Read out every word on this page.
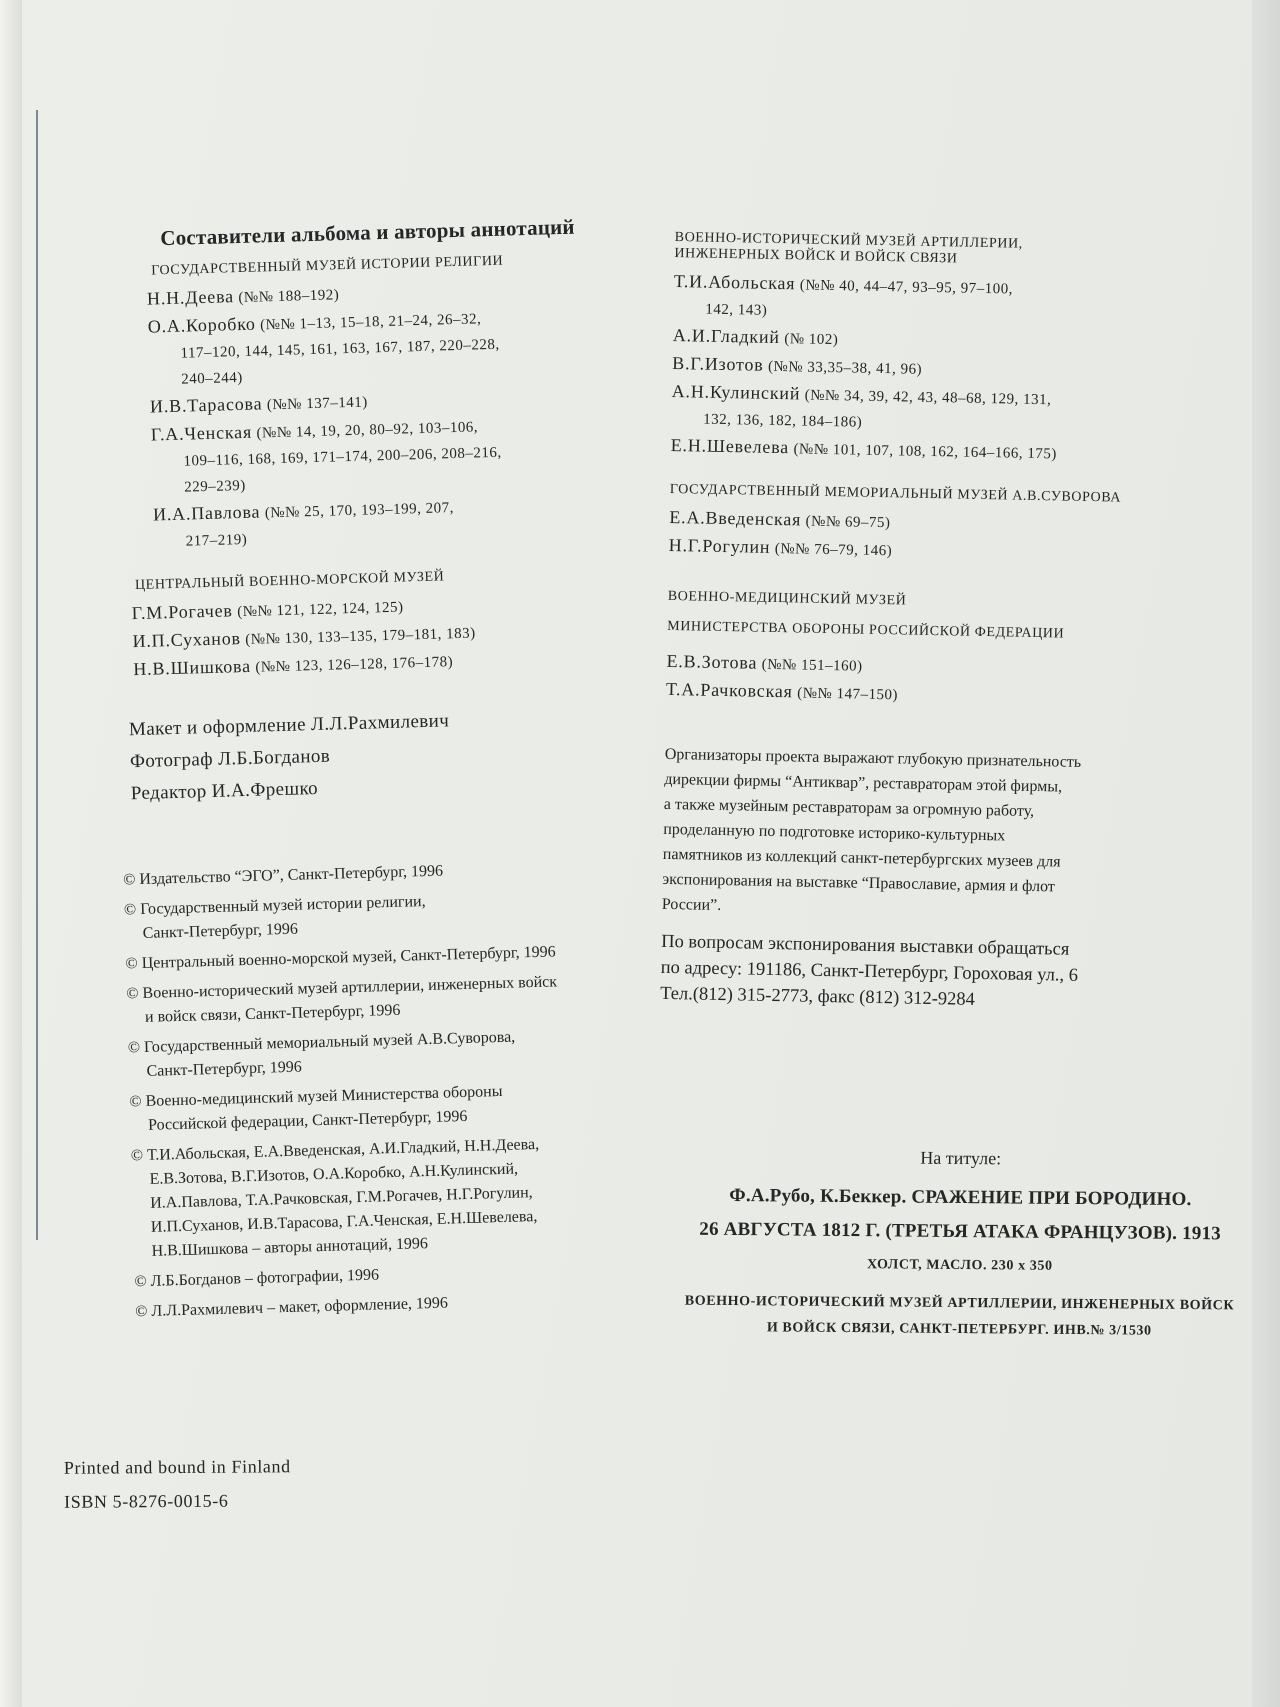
Составители альбома и авторы аннотаций
ГОСУДАРСТВЕННЫЙ МУЗЕЙ ИСТОРИИ РЕЛИГИИ
Н.Н.Деева (№№ 188–192)
О.А.Коробко (№№ 1–13, 15–18, 21–24, 26–32,
117–120, 144, 145, 161, 163, 167, 187, 220–228,
240–244)
И.В.Тарасова (№№ 137–141)
Г.А.Ченская (№№ 14, 19, 20, 80–92, 103–106,
109–116, 168, 169, 171–174, 200–206, 208–216,
229–239)
И.А.Павлова (№№ 25, 170, 193–199, 207,
217–219)
ЦЕНТРАЛЬНЫЙ ВОЕННО-МОРСКОЙ МУЗЕЙ
Г.М.Рогачев (№№ 121, 122, 124, 125)
И.П.Суханов (№№ 130, 133–135, 179–181, 183)
Н.В.Шишкова (№№ 123, 126–128, 176–178)
Макет и оформление Л.Л.Рахмилевич
Фотограф Л.Б.Богданов
Редактор И.А.Фрешко
© Издательство “ЭГО”, Санкт-Петербург, 1996
© Государственный музей истории религии,
Санкт-Петербург, 1996
© Центральный военно-морской музей, Санкт-Петербург, 1996
© Военно-исторический музей артиллерии, инженерных войск
и войск связи, Санкт-Петербург, 1996
© Государственный мемориальный музей А.В.Суворова,
Санкт-Петербург, 1996
© Военно-медицинский музей Министерства обороны
Российской федерации, Санкт-Петербург, 1996
© Т.И.Абольская, Е.А.Введенская, А.И.Гладкий, Н.Н.Деева,
Е.В.Зотова, В.Г.Изотов, О.А.Коробко, А.Н.Кулинский,
И.А.Павлова, Т.А.Рачковская, Г.М.Рогачев, Н.Г.Рогулин,
И.П.Суханов, И.В.Тарасова, Г.А.Ченская, Е.Н.Шевелева,
Н.В.Шишкова – авторы аннотаций, 1996
© Л.Б.Богданов – фотографии, 1996
© Л.Л.Рахмилевич – макет, оформление, 1996
ВОЕННО-ИСТОРИЧЕСКИЙ МУЗЕЙ АРТИЛЛЕРИИ,
ИНЖЕНЕРНЫХ ВОЙСК И ВОЙСК СВЯЗИ
Т.И.Абольская (№№ 40, 44–47, 93–95, 97–100,
142, 143)
А.И.Гладкий (№ 102)
В.Г.Изотов (№№ 33,35–38, 41, 96)
А.Н.Кулинский (№№ 34, 39, 42, 43, 48–68, 129, 131,
132, 136, 182, 184–186)
Е.Н.Шевелева (№№ 101, 107, 108, 162, 164–166, 175)
ГОСУДАРСТВЕННЫЙ МЕМОРИАЛЬНЫЙ МУЗЕЙ А.В.СУВОРОВА
Е.А.Введенская (№№ 69–75)
Н.Г.Рогулин (№№ 76–79, 146)
ВОЕННО-МЕДИЦИНСКИЙ МУЗЕЙ
МИНИСТЕРСТВА ОБОРОНЫ РОССИЙСКОЙ ФЕДЕРАЦИИ
Е.В.Зотова (№№ 151–160)
Т.А.Рачковская (№№ 147–150)
Организаторы проекта выражают глубокую признательность
дирекции фирмы “Антиквар”, реставраторам этой фирмы,
а также музейным реставраторам за огромную работу,
проделанную по подготовке историко-культурных
памятников из коллекций санкт-петербургских музеев для
экспонирования на выставке “Православие, армия и флот
России”.
По вопросам экспонирования выставки обращаться
по адресу: 191186, Санкт-Петербург, Гороховая ул., 6
Тел.(812) 315-2773, факс (812) 312-9284
На титуле:
Ф.А.Рубо, К.Беккер. СРАЖЕНИЕ ПРИ БОРОДИНО.
26 АВГУСТА 1812 Г. (ТРЕТЬЯ АТАКА ФРАНЦУЗОВ). 1913
ХОЛСТ, МАСЛО. 230 х 350
ВОЕННО-ИСТОРИЧЕСКИЙ МУЗЕЙ АРТИЛЛЕРИИ, ИНЖЕНЕРНЫХ ВОЙСК
И ВОЙСК СВЯЗИ, САНКТ-ПЕТЕРБУРГ. ИНВ.№ 3/1530
Printed and bound in Finland
ISBN 5-8276-0015-6
